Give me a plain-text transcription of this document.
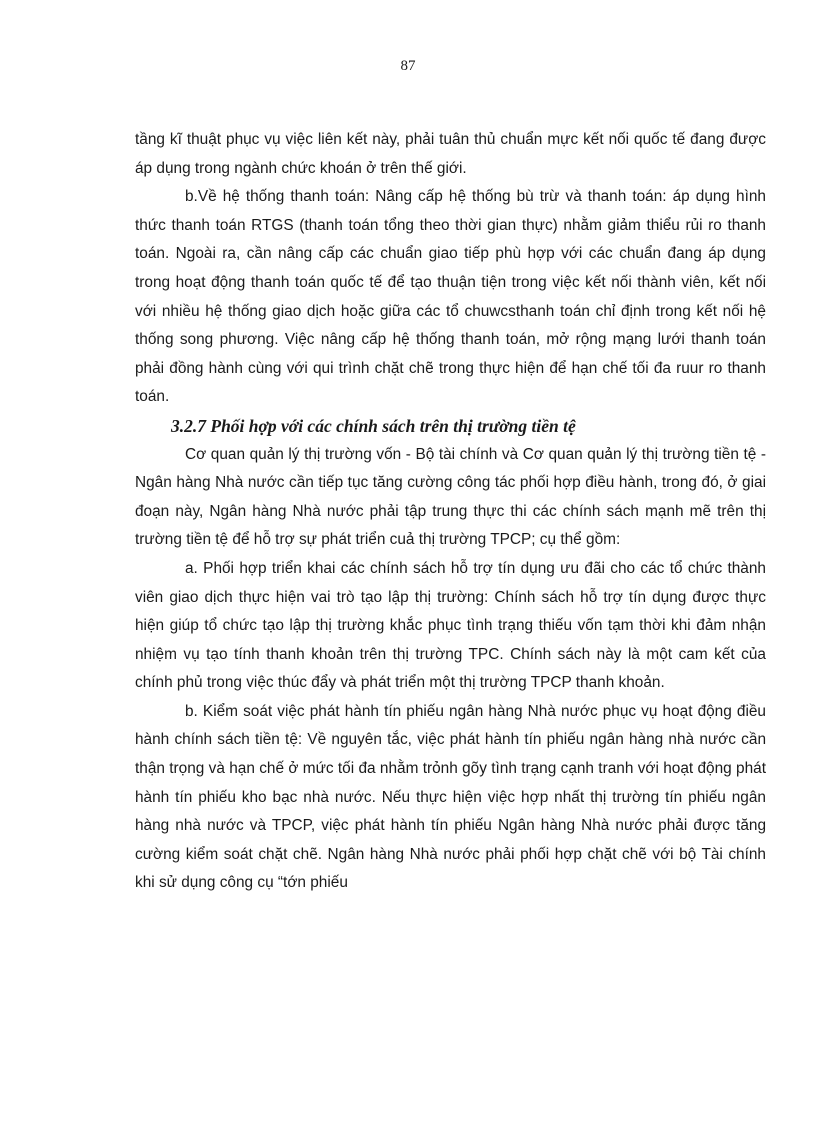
87

tầng kĩ thuật phục vụ việc liên kết này, phải tuân thủ chuẩn mực kết nối quốc tế đang được áp dụng trong ngành chức khoán ở trên thế giới.

b.Về hệ thống thanh toán: Nâng cấp hệ thống bù trừ và thanh toán: áp dụng hình thức thanh toán RTGS (thanh toán tổng theo thời gian thực) nhằm giảm thiểu rủi ro thanh toán. Ngoài ra, cần nâng cấp các chuẩn giao tiếp phù hợp với các chuẩn đang áp dụng trong hoạt động thanh toán quốc tế để tạo thuận tiện trong việc kết nối thành viên, kết nối với nhiều hệ thống giao dịch hoặc giữa các tổ chuwcsthanh toán chỉ định trong kết nối hệ thống song phương. Việc nâng cấp hệ thống thanh toán, mở rộng mạng lưới thanh toán phải đồng hành cùng với qui trình chặt chẽ trong thực hiện để hạn chế tối đa ruur ro thanh toán.

3.2.7 Phối hợp với các chính sách trên thị trường tiền tệ

Cơ quan quản lý thị trường vốn - Bộ tài chính và Cơ quan quản lý thị trường tiền tệ - Ngân hàng Nhà nước cần tiếp tục tăng cường công tác phối hợp điều hành, trong đó, ở giai đoạn này, Ngân hàng Nhà nước phải tập trung thực thi các chính sách mạnh mẽ trên thị trường tiền tệ để hỗ trợ sự phát triển cuả thị trường TPCP; cụ thể gồm:

a. Phối hợp triển khai các chính sách hỗ trợ tín dụng ưu đãi cho các tổ chức thành viên giao dịch thực hiện vai trò tạo lập thị trường: Chính sách hỗ trợ tín dụng được thực hiện giúp tổ chức tạo lập thị trường khắc phục tình trạng thiếu vốn tạm thời khi đảm nhận nhiệm vụ tạo tính thanh khoản trên thị trường TPC. Chính sách này là một cam kết của chính phủ trong việc thúc đẩy và phát triển một thị trường TPCP thanh khoản.

b. Kiểm soát việc phát hành tín phiếu ngân hàng Nhà nước phục vụ hoạt động điều hành chính sách tiền tệ: Về nguyên tắc, việc phát hành tín phiếu ngân hàng nhà nước cần thận trọng và hạn chế ở mức tối đa nhằm trỏnh gõy tình trạng cạnh tranh với hoạt động phát hành tín phiếu kho bạc nhà nước. Nếu thực hiện việc hợp nhất thị trường tín phiếu ngân hàng nhà nước và TPCP, việc phát hành tín phiếu Ngân hàng Nhà nước phải được tăng cường kiểm soát chặt chẽ. Ngân hàng Nhà nước phải phối hợp chặt chẽ với bộ Tài chính khi sử dụng công cụ “tớn phiếu
